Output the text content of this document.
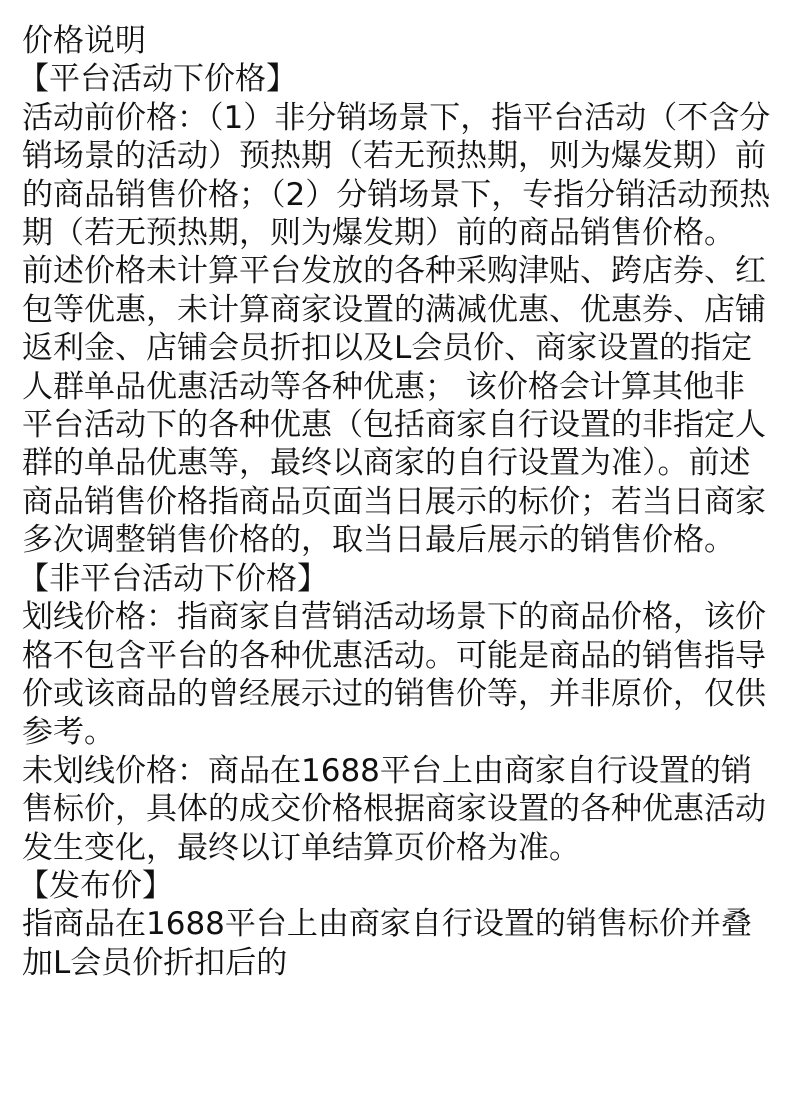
价格说明
【平台活动下价格】

活动前价格：（1）非分销场景下，指平台活动（不含分销场景的活动）预热期（若无预热期，则为爆发期）前的商品销售价格；（2）分销场景下，专指分销活动预热期（若无预热期，则为爆发期）前的商品销售价格。

前述价格未计算平台发放的各种采购津贴、跨店券、红包等优惠，未计算商家设置的满减优惠、优惠券、店铺返利金、店铺会员折扣以及L会员价、商家设置的指定人群单品优惠活动等各种优惠； 该价格会计算其他非平台活动下的各种优惠（包括商家自行设置的非指定人群的单品优惠等，最终以商家的自行设置为准）。前述商品销售价格指商品页面当日展示的标价；若当日商家多次调整销售价格的，取当日最后展示的销售价格。

【非平台活动下价格】

划线价格：指商家自营销活动场景下的商品价格，该价格不包含平台的各种优惠活动。可能是商品的销售指导价或该商品的曾经展示过的销售价等，并非原价，仅供参考。

未划线价格：商品在1688平台上由商家自行设置的销售标价，具体的成交价格根据商家设置的各种优惠活动发生变化，最终以订单结算页价格为准。

【发布价】

指商品在1688平台上由商家自行设置的销售标价并叠加L会员价折扣后的
